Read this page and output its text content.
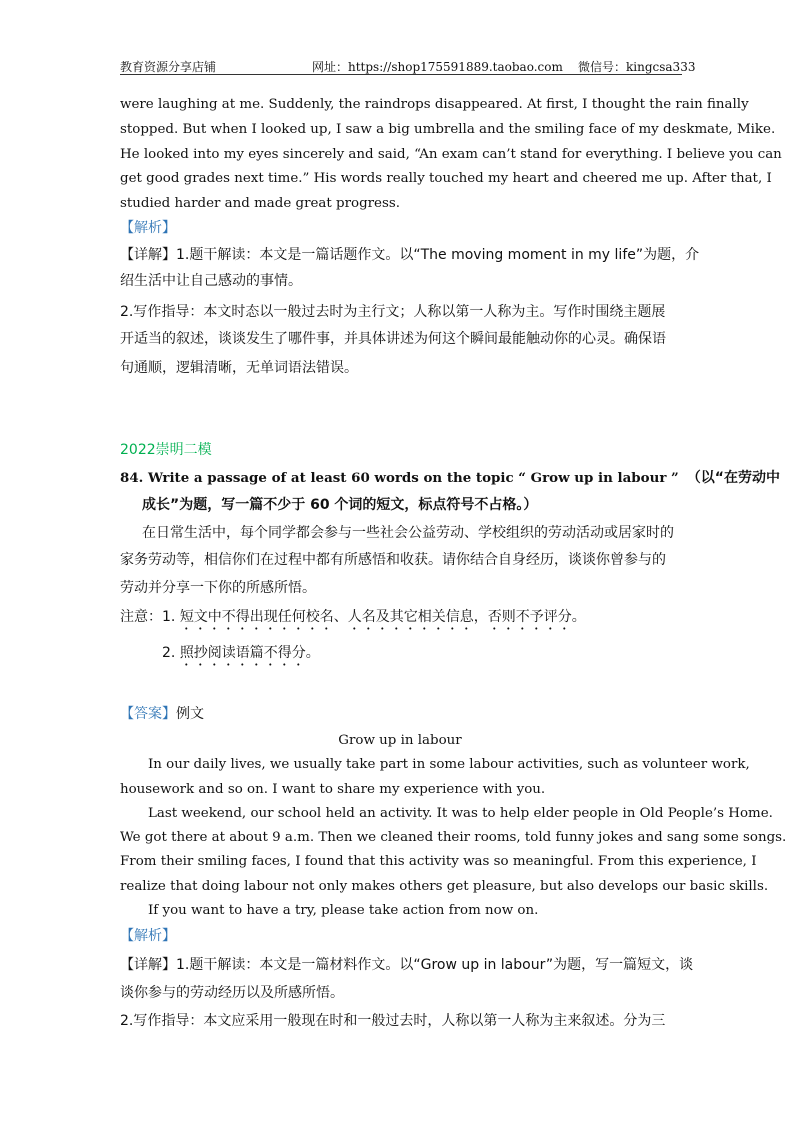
教育资源分享店铺	网址：https://shop175591889.taobao.com 微信号：kingcsa333
were laughing at me. Suddenly, the raindrops disappeared. At first, I thought the rain finally
stopped. But when I looked up, I saw a big umbrella and the smiling face of my deskmate, Mike.
He looked into my eyes sincerely and said, “An exam can’t stand for everything. I believe you can
get good grades next time.” His words really touched my heart and cheered me up. After that, I
studied harder and made great progress.
【解析】
【详解】1.题干解读：本文是一篇话题作文。以“The moving moment in my life”为题，介
绍生活中让自己感动的事情。
2.写作指导：本文时态以一般过去时为主行文；人称以第一人称为主。写作时围绕主题展
开适当的叙述，谈谈发生了哪件事，并具体讲述为何这个瞬间最能触动你的心灵。确保语
句通顺，逻辑清晰，无单词语法错误。
2022崇明二模
84. Write a passage of at least 60 words on the topic “ Grow up in labour ” （以“在劳动中
成长”为题，写一篇不少于 60 个词的短文，标点符号不占格。）
在日常生活中，每个同学都会参与一些社会公益劳动、学校组织的劳动活动或居家时的
家务劳动等，相信你们在过程中都有所感悟和收获。请你结合自身经历，谈谈你曾参与的
劳动并分享一下你的所感所悟。
注意：1. 短文中不得出现任何校名、人名及其它相关信息，否则不予评分。
2. 照抄阅读语篇不得分。
【答案】例文
Grow up in labour
In our daily lives, we usually take part in some labour activities, such as volunteer work,
housework and so on. I want to share my experience with you.
Last weekend, our school held an activity. It was to help elder people in Old People’s Home.
We got there at about 9 a.m. Then we cleaned their rooms, told funny jokes and sang some songs.
From their smiling faces, I found that this activity was so meaningful. From this experience, I
realize that doing labour not only makes others get pleasure, but also develops our basic skills.
If you want to have a try, please take action from now on.
【解析】
【详解】1.题干解读：本文是一篇材料作文。以“Grow up in labour”为题，写一篇短文，谈
谈你参与的劳动经历以及所感所悟。
2.写作指导：本文应采用一般现在时和一般过去时，人称以第一人称为主来叙述。分为三
